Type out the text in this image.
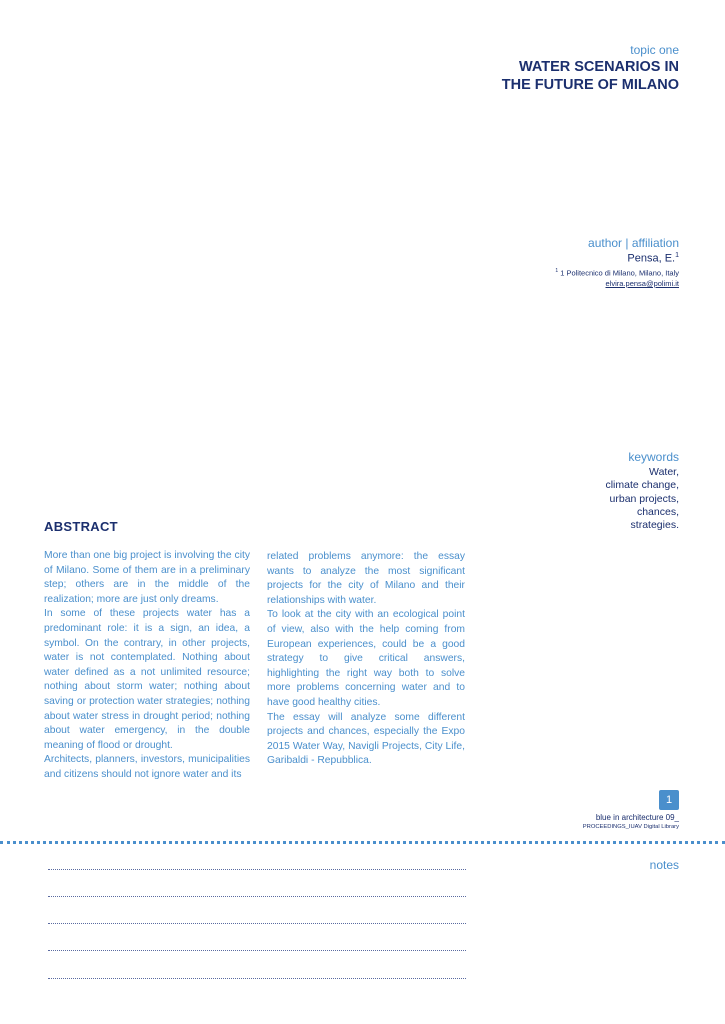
topic one
WATER SCENARIOS IN
THE FUTURE OF MILANO
author | affiliation
Pensa, E.$^1$
$^1$ 1 Politecnico di Milano, Milano, Italy
elvira.pensa@polimi.it
keywords
Water,
climate change,
urban projects,
chances,
strategies.
ABSTRACT

More than one big project is involving the city of Milano. Some of them are in a preliminary step; others are in the middle of the realization; more are just only dreams.

In some of these projects water has a predominant role: it is a sign, an idea, a symbol. On the contrary, in other projects, water is not contemplated. Nothing about water defined as a not unlimited resource; nothing about storm water; nothing about saving or protection water strategies; nothing about water stress in drought period; nothing about water emergency, in the double meaning of flood or drought.

Architects, planners, investors, municipalities and citizens should not ignore water and its

related problems anymore: the essay wants to analyze the most significant projects for the city of Milano and their relationships with water.

To look at the city with an ecological point of view, also with the help coming from European experiences, could be a good strategy to give critical answers, highlighting the right way both to solve more problems concerning water and to have good healthy cities.

The essay will analyze some different projects and chances, especially the Expo 2015 Water Way, Navigli Projects, City Life, Garibaldi - Repubblica.

1
blue in architecture 09_
PROCEEDINGS_IUAV Digital Library
notes
